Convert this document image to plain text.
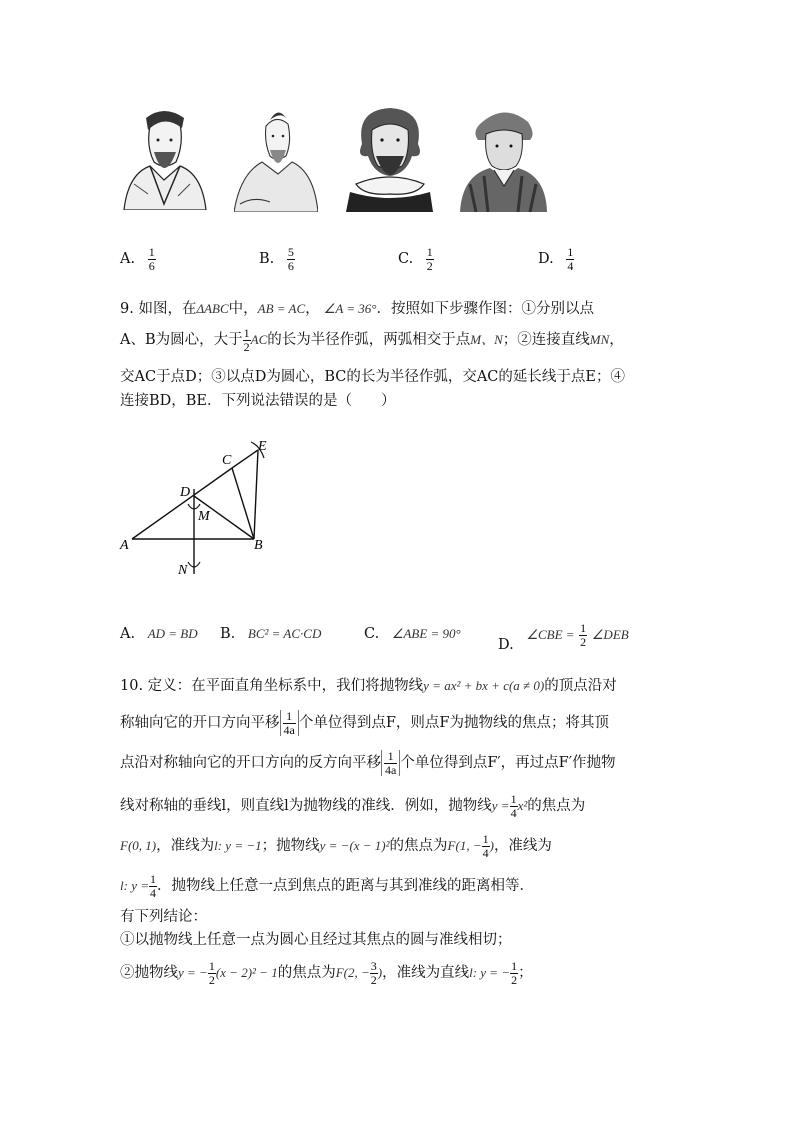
A. $\frac{1}{6}$	B. $\frac{5}{6}$	C. $\frac{1}{2}$	D. $\frac{1}{4}$
9. 如图，在ΔABC中，AB = AC， ∠A = 36°．按照如下步骤作图：①分别以点
A、B为圆心，大于 $\frac{1}{2}$ AC的长为半径作弧，两弧相交于点M、N；②连接直线MN，
交AC于点D；③以点D为圆心，BC的长为半径作弧，交AC的延长线于点E；④
连接BD，BE．下列说法错误的是（　　）
E
C
D
M
A	B
N
A. AD = BD B. BC² = AC·CD	C. ∠ABE = 90°
D. ∠CBE = $\frac{1}{2}$ ∠DEB
10. 定义：在平面直角坐标系中，我们将抛物线y = ax² + bx + c(a ≠ 0)的顶点沿对
称轴向它的开口方向平移 $\frac{1}{4a}$ 个单位得到点F，则点F为抛物线的焦点；将其顶
点沿对称轴向它的开口方向的反方向平移 $\frac{1}{4a}$ 个单位得到点F′，再过点F′作抛物
线对称轴的垂线l，则直线l为抛物线的准线．例如，抛物线$y = \frac{1}{4} x^2$的焦点为
F(0, 1)，准线为l: y = −1；抛物线y = −(x − 1)²的焦点为F(1, − $\frac{1}{4}$ )，准线为
l: $y = \frac{1}{4}$ ．抛物线上任意一点到焦点的距离与其到准线的距离相等．
有下列结论：
①以抛物线上任意一点为圆心且经过其焦点的圆与准线相切；
②抛物线y = − $\frac{1}{2} (x - 2)^2 - 1$的焦点为F(2, − $\frac{3}{2}$ )，准线为直线l: y = − $\frac{1}{2}$ ；
